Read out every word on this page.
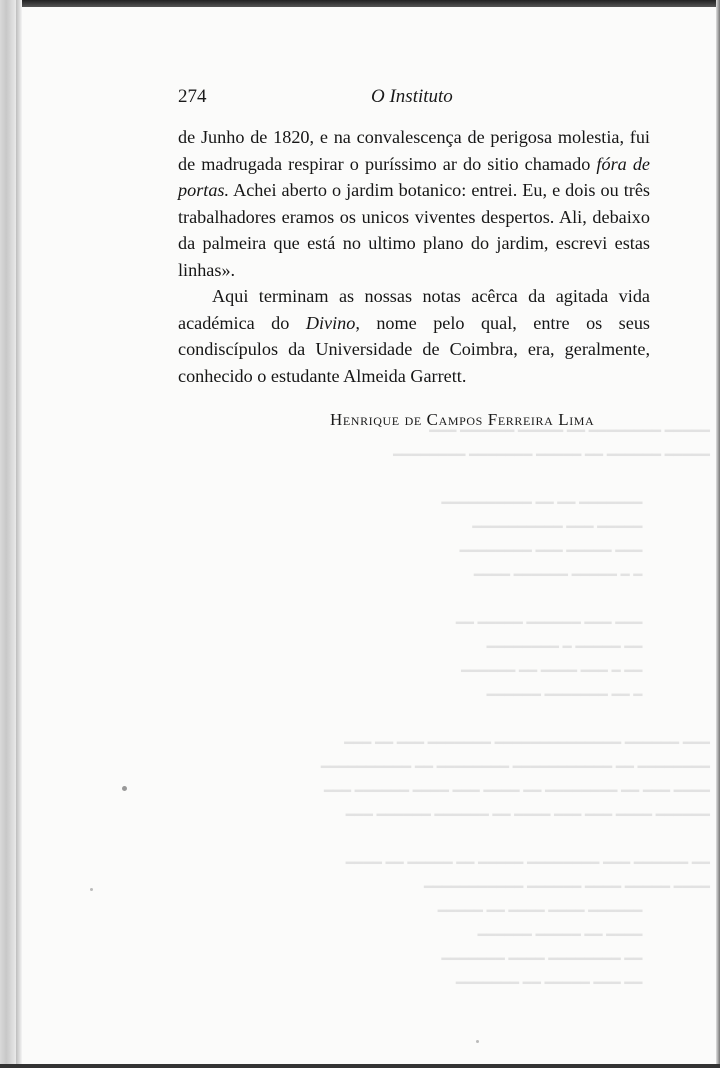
━━━━━ ━━━━━━━━ ━━ ━━━━━ ━━━━━━ ━━━
━━━━━ ━━━━━━ ━━ ━━━━━ ━━━━━━━ ━━━━━━━━

━━━━━━━ ━━ ━━ ━━━━━━━━━━
━━━━━ ━━━ ━━━━━━━━━━
━━━ ━━━━━ ━━━ ━━━━━━━━
━ ━ ━━━━━ ━━━━━━ ━━━━

━━━ ━━━ ━━━━━━ ━━━━━ ━━
━━ ━━━━━ ━ ━━━━━━━━
━━ ━ ━━━ ━━━━ ━━ ━━━━━━
━ ━━ ━━━━━━━ ━━━━━━

━━━ ━━━━━━ ━━━━━━━━━━━━━━ ━━━━━━━ ━━━ ━━ ━━━
━━━━━━━━ ━━ ━━━━━━━━━━━ ━━━━━━━━ ━━ ━━━━━━━━━━
━━━━ ━━━ ━━ ━━━━━━━━ ━━ ━━━━ ━━━ ━━━━ ━━━━━━ ━━━
━━━━━━ ━━━━ ━━━ ━━━ ━━━━ ━━ ━━━━━━ ━━━━━━ ━━━

━━ ━━━━━━ ━━━ ━━━━━━━━ ━━━━━ ━━ ━━━━━ ━━ ━━━━
━━━━ ━━━━━ ━━━━ ━━━━━━ ━━━━━━━━━━━
━━━━━━ ━━━━ ━━━━ ━━ ━━━━━
━━━━ ━━ ━━━━━ ━━━━━━
━━ ━━━━━━━━ ━━━━ ━━━━━━━
━━ ━━━ ━━━━━ ━━ ━━━━━━━
274	O Instituto

de Junho de 1820, e na convalescença de perigosa molestia, fui de madrugada respirar o puríssimo ar do sitio chamado fóra de portas. Achei aberto o jardim botanico: entrei. Eu, e dois ou três trabalhadores eramos os unicos viventes despertos. Ali, debaixo da palmeira que está no ultimo plano do jardim, escrevi estas linhas».

Aqui terminam as nossas notas acêrca da agitada vida académica do Divino, nome pelo qual, entre os seus condiscípulos da Universidade de Coimbra, era, geralmente, conhecido o estudante Almeida Garrett.

Henrique de Campos Ferreira Lima
